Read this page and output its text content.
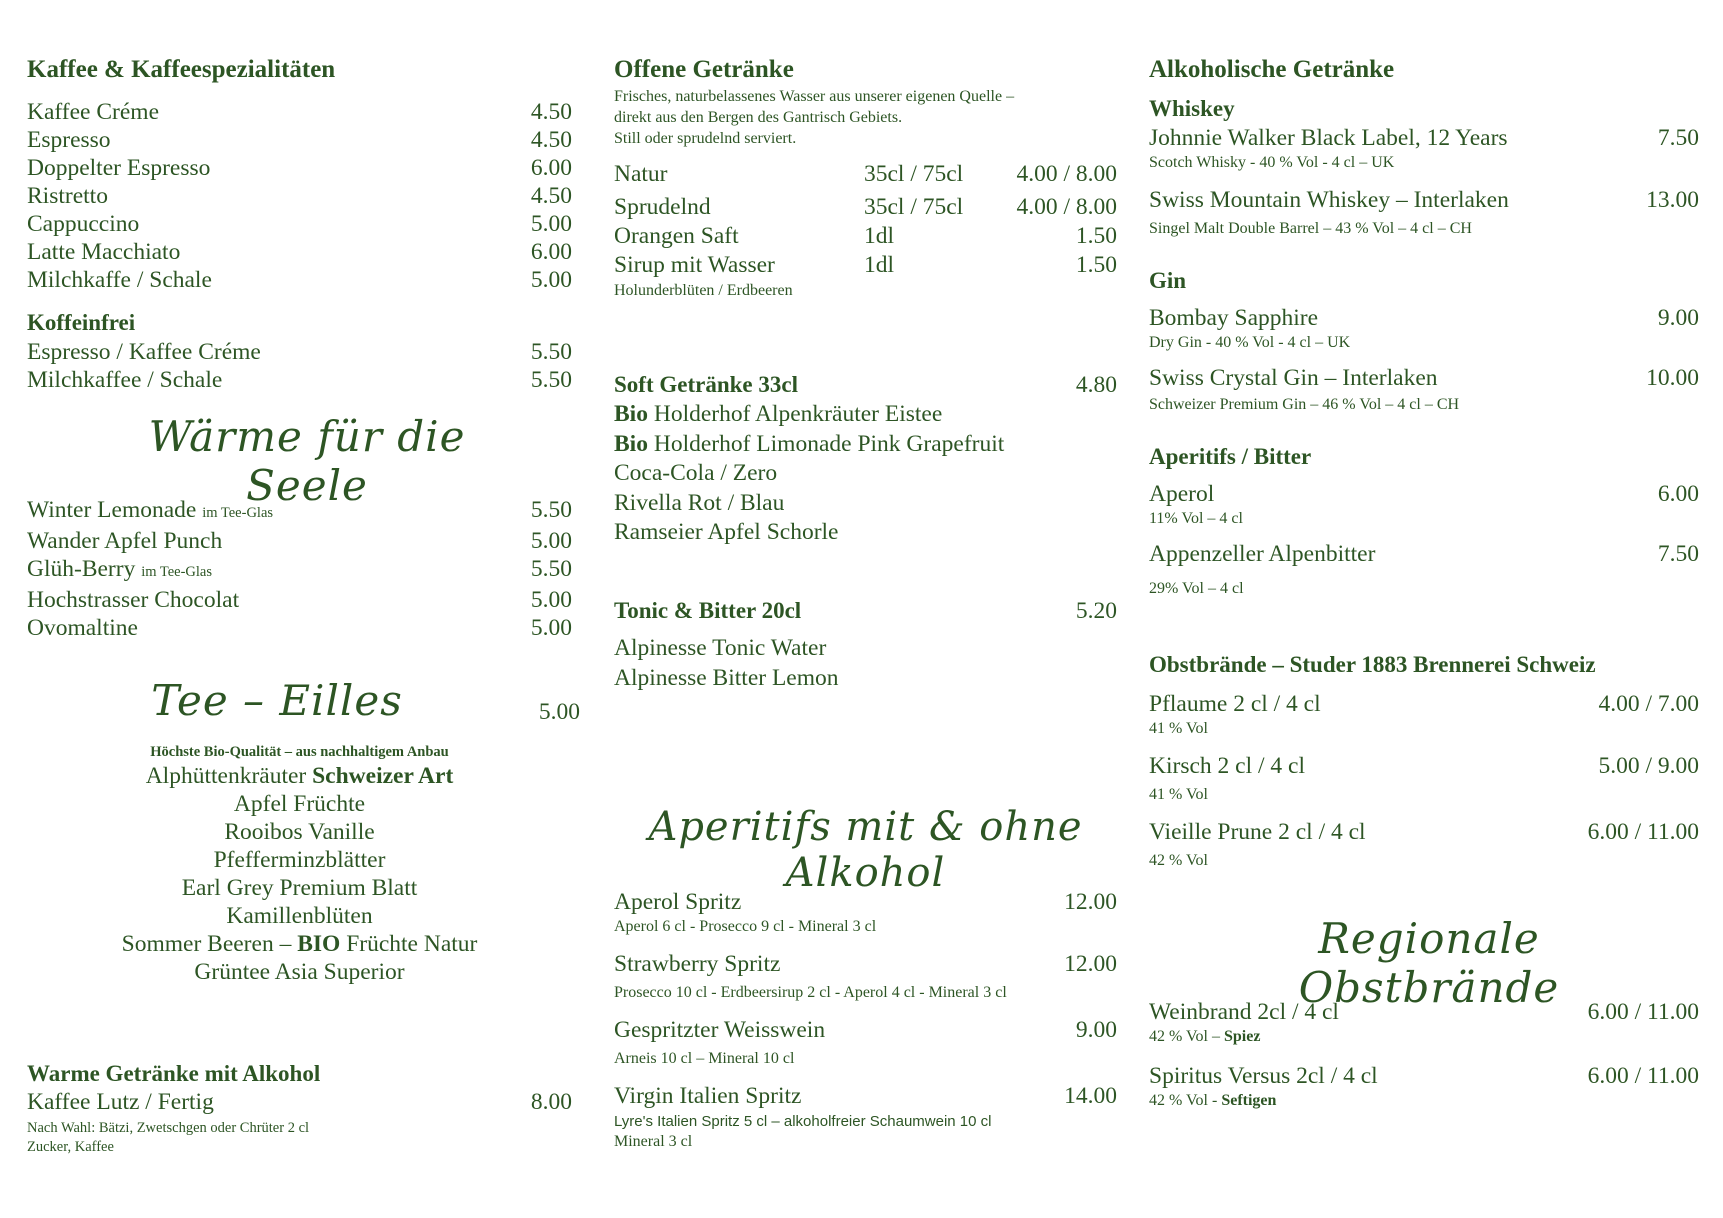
Kaffee & Kaffeespezialitäten
Kaffee Créme	4.50
Espresso	4.50
Doppelter Espresso	6.00
Ristretto	4.50
Cappuccino	5.00
Latte Macchiato	6.00
Milchkaffe / Schale	5.00
Koffeinfrei
Espresso / Kaffee Créme	5.50
Milchkaffee / Schale	5.50
Wärme für die Seele
Winter Lemonade im Tee-Glas	5.50
Wander Apfel Punch	5.00
Glüh-Berry im Tee-Glas	5.50
Hochstrasser Chocolat	5.00
Ovomaltine	5.00
Tee – Eilles	5.00
Höchste Bio-Qualität – aus nachhaltigem Anbau
Alphüttenkräuter Schweizer Art
Apfel Früchte
Rooibos Vanille
Pfefferminzblätter
Earl Grey Premium Blatt
Kamillenblüten
Sommer Beeren – BIO Früchte Natur
Grüntee Asia Superior
Warme Getränke mit Alkohol
Kaffee Lutz / Fertig	8.00
Nach Wahl: Bätzi, Zwetschgen oder Chrüter 2 cl
Zucker, Kaffee
Offene Getränke
Frisches, naturbelassenes Wasser aus unserer eigenen Quelle –
direkt aus den Bergen des Gantrisch Gebiets.
Still oder sprudelnd serviert.
Natur	35cl / 75cl	4.00 / 8.00
Sprudelnd	35cl / 75cl	4.00 / 8.00
Orangen Saft	1dl	1.50
Sirup mit Wasser	1dl	1.50
Holunderblüten / Erdbeeren
Soft Getränke 33cl	4.80
Bio Holderhof Alpenkräuter Eistee
Bio Holderhof Limonade Pink Grapefruit
Coca-Cola / Zero
Rivella Rot / Blau
Ramseier Apfel Schorle
Tonic & Bitter 20cl	5.20
Alpinesse Tonic Water
Alpinesse Bitter Lemon
Aperitifs mit & ohne Alkohol
Aperol Spritz	12.00
Aperol 6 cl - Prosecco 9 cl - Mineral 3 cl
Strawberry Spritz	12.00
Prosecco 10 cl - Erdbeersirup 2 cl - Aperol 4 cl - Mineral 3 cl
Gespritzter Weisswein	9.00
Arneis 10 cl – Mineral 10 cl
Virgin Italien Spritz	14.00
Lyre's Italien Spritz 5 cl – alkoholfreier Schaumwein 10 cl
Mineral 3 cl
Alkoholische Getränke
Whiskey
Johnnie Walker Black Label, 12 Years	7.50
Scotch Whisky - 40 % Vol - 4 cl – UK
Swiss Mountain Whiskey – Interlaken	13.00
Singel Malt Double Barrel – 43 % Vol – 4 cl – CH
Gin
Bombay Sapphire	9.00
Dry Gin - 40 % Vol - 4 cl – UK
Swiss Crystal Gin – Interlaken	10.00
Schweizer Premium Gin – 46 % Vol – 4 cl – CH
Aperitifs / Bitter
Aperol	6.00
11% Vol – 4 cl
Appenzeller Alpenbitter	7.50
29% Vol – 4 cl
Obstbrände – Studer 1883 Brennerei Schweiz
Pflaume 2 cl / 4 cl	4.00 / 7.00
41 % Vol
Kirsch 2 cl / 4 cl	5.00 / 9.00
41 % Vol
Vieille Prune 2 cl / 4 cl	6.00 / 11.00
42 % Vol
Regionale Obstbrände
Weinbrand 2cl / 4 cl	6.00 / 11.00
42 % Vol – Spiez
Spiritus Versus 2cl / 4 cl	6.00 / 11.00
42 % Vol - Seftigen
